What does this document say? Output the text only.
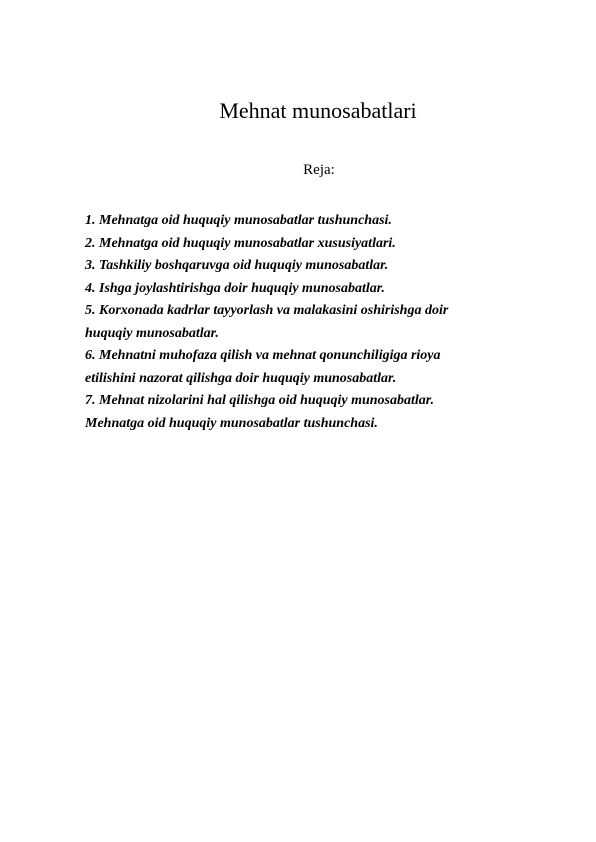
Mehnat munosabatlari
Reja:

1. Mehnatga oid huquqiy munosabatlar tushunchasi.

2. Mehnatga oid huquqiy munosabatlar xususiyatlari.

3. Tashkiliy boshqaruvga oid huquqiy munosabatlar.

4. Ishga joylashtirishga doir huquqiy munosabatlar.

5. Korxonada kadrlar tayyorlash va malakasini oshirishga doir

huquqiy munosabatlar.

6. Mehnatni muhofaza qilish va mehnat qonunchiligiga rioya

etilishini nazorat qilishga doir huquqiy munosabatlar.

7. Mehnat nizolarini hal qilishga oid huquqiy munosabatlar.

Mehnatga oid huquqiy munosabatlar tushunchasi.
